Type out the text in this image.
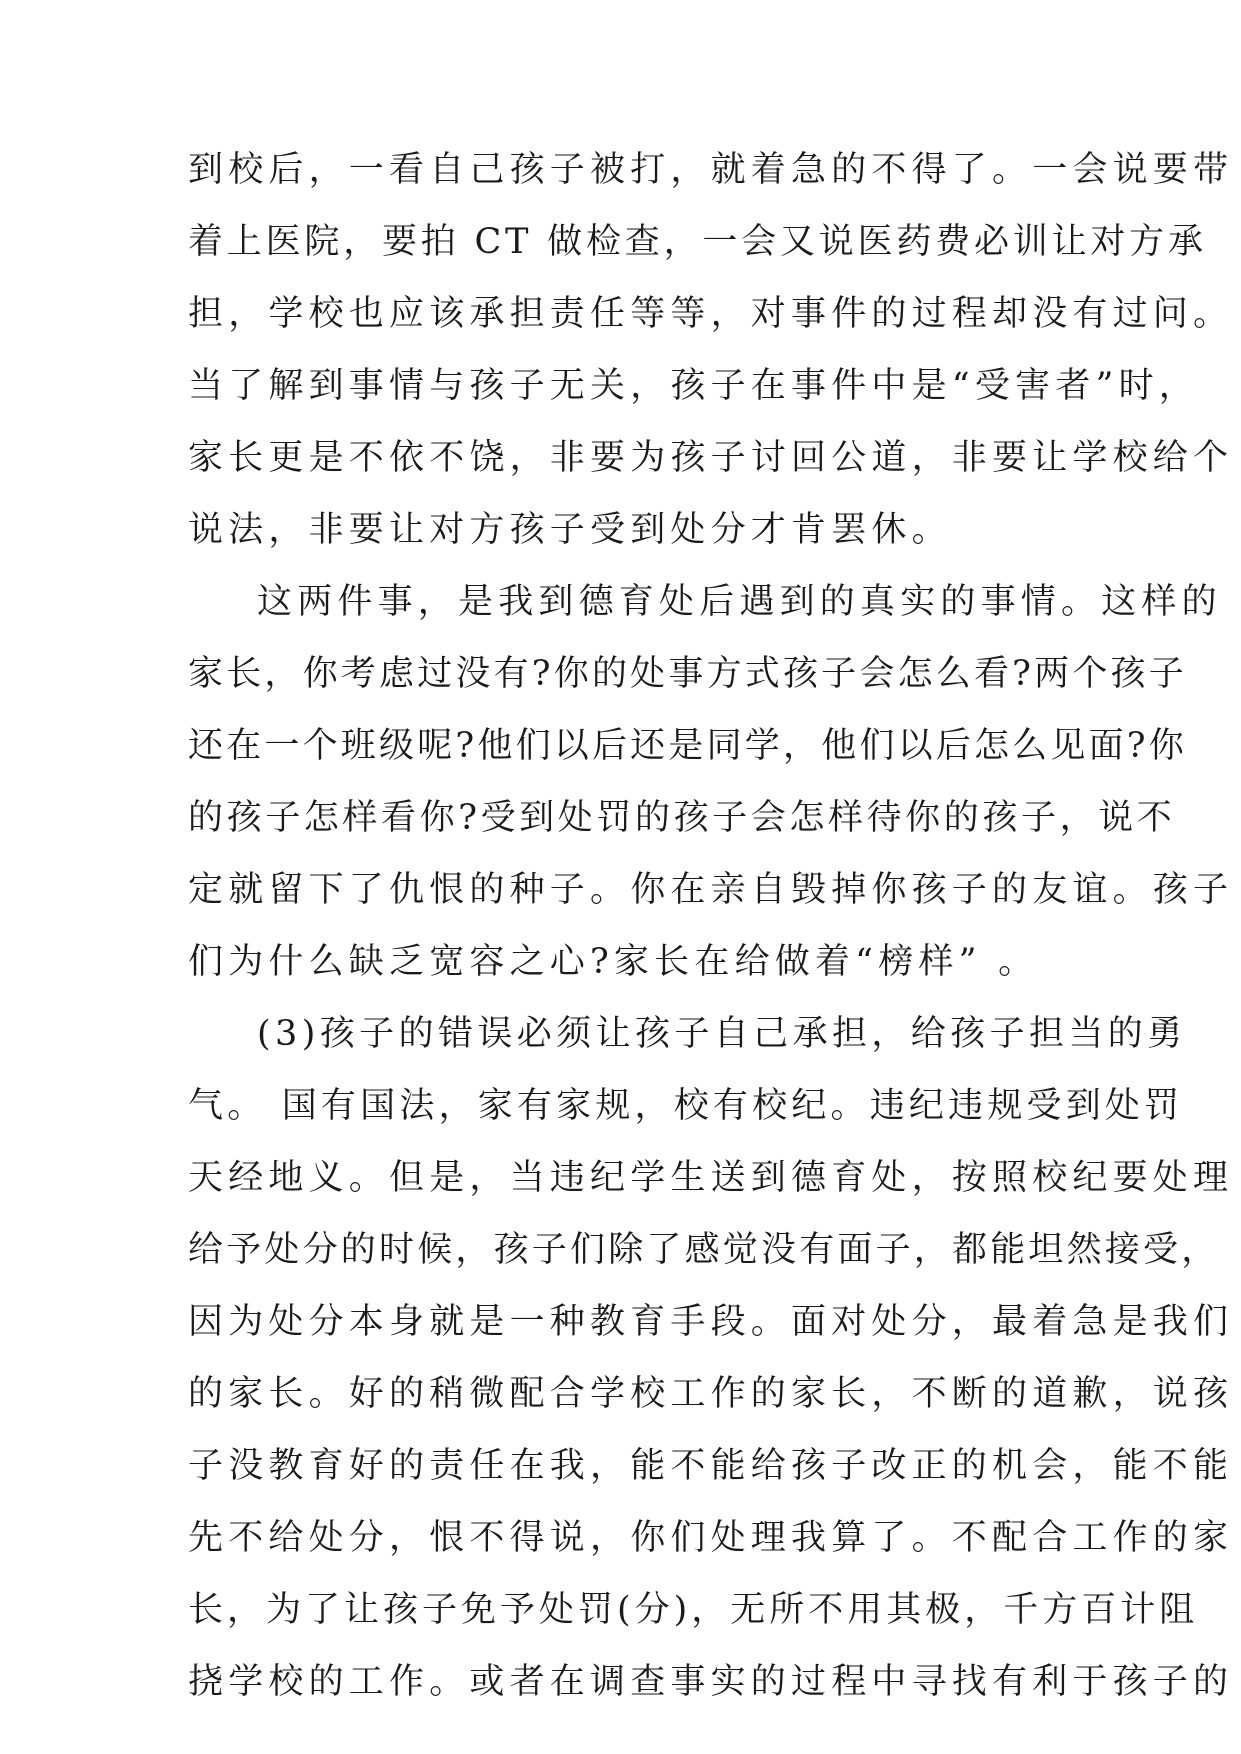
到校后，一看自己孩子被打，就着急的不得了。一会说要带
着上医院，要拍 CT 做检查，一会又说医药费必训让对方承
担，学校也应该承担责任等等，对事件的过程却没有过问。
当了解到事情与孩子无关，孩子在事件中是“受害者”时，
家长更是不依不饶，非要为孩子讨回公道，非要让学校给个
说法，非要让对方孩子受到处分才肯罢休。
这两件事，是我到德育处后遇到的真实的事情。这样的
家长，你考虑过没有?你的处事方式孩子会怎么看?两个孩子
还在一个班级呢?他们以后还是同学，他们以后怎么见面?你
的孩子怎样看你?受到处罚的孩子会怎样待你的孩子，说不
定就留下了仇恨的种子。你在亲自毁掉你孩子的友谊。孩子
们为什么缺乏宽容之心?家长在给做着“榜样” 。
(3)孩子的错误必须让孩子自己承担，给孩子担当的勇
气。 国有国法，家有家规，校有校纪。违纪违规受到处罚
天经地义。但是，当违纪学生送到德育处，按照校纪要处理
给予处分的时候，孩子们除了感觉没有面子，都能坦然接受，
因为处分本身就是一种教育手段。面对处分，最着急是我们
的家长。好的稍微配合学校工作的家长，不断的道歉，说孩
子没教育好的责任在我，能不能给孩子改正的机会，能不能
先不给处分，恨不得说，你们处理我算了。不配合工作的家
长，为了让孩子免予处罚(分)，无所不用其极，千方百计阻
挠学校的工作。或者在调查事实的过程中寻找有利于孩子的
